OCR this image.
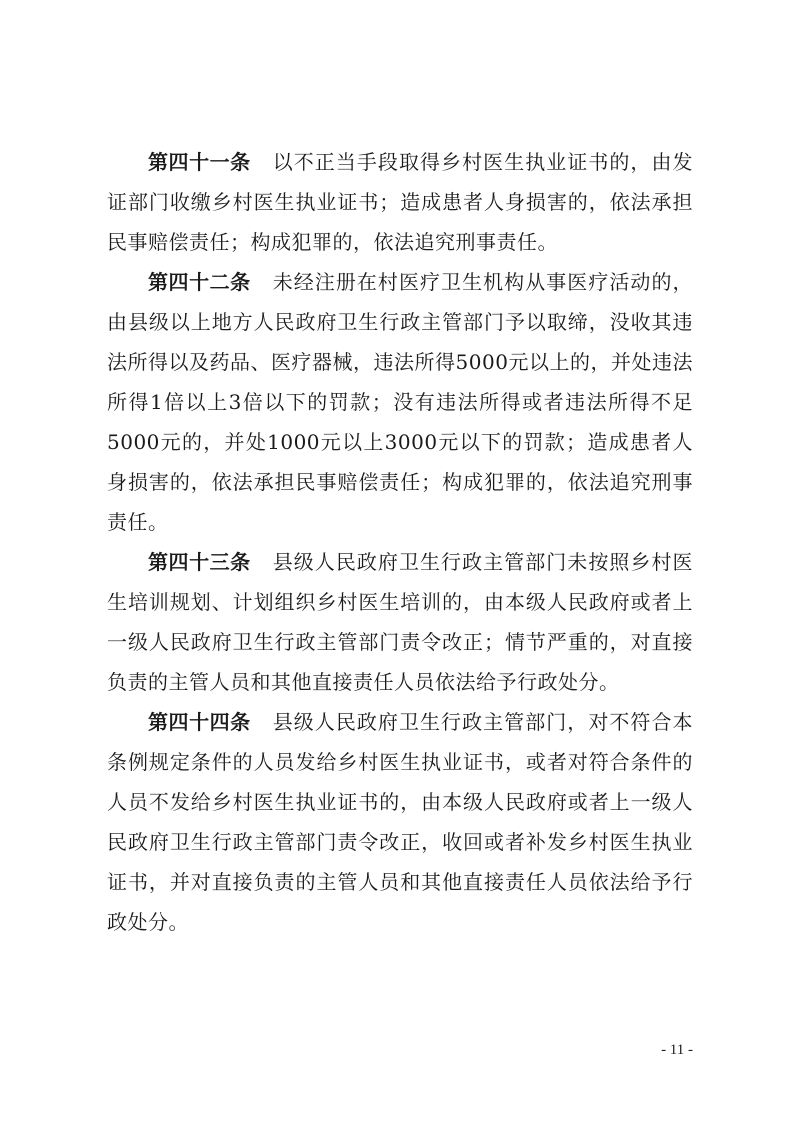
第四十一条 以不正当手段取得乡村医生执业证书的，由发证部门收缴乡村医生执业证书；造成患者人身损害的，依法承担民事赔偿责任；构成犯罪的，依法追究刑事责任。

第四十二条 未经注册在村医疗卫生机构从事医疗活动的，由县级以上地方人民政府卫生行政主管部门予以取缔，没收其违法所得以及药品、医疗器械，违法所得5000元以上的，并处违法所得1倍以上3倍以下的罚款；没有违法所得或者违法所得不足5000元的，并处1000元以上3000元以下的罚款；造成患者人身损害的，依法承担民事赔偿责任；构成犯罪的，依法追究刑事责任。

第四十三条 县级人民政府卫生行政主管部门未按照乡村医生培训规划、计划组织乡村医生培训的，由本级人民政府或者上一级人民政府卫生行政主管部门责令改正；情节严重的，对直接负责的主管人员和其他直接责任人员依法给予行政处分。

第四十四条 县级人民政府卫生行政主管部门，对不符合本条例规定条件的人员发给乡村医生执业证书，或者对符合条件的人员不发给乡村医生执业证书的，由本级人民政府或者上一级人民政府卫生行政主管部门责令改正，收回或者补发乡村医生执业证书，并对直接负责的主管人员和其他直接责任人员依法给予行政处分。

- 11 -
